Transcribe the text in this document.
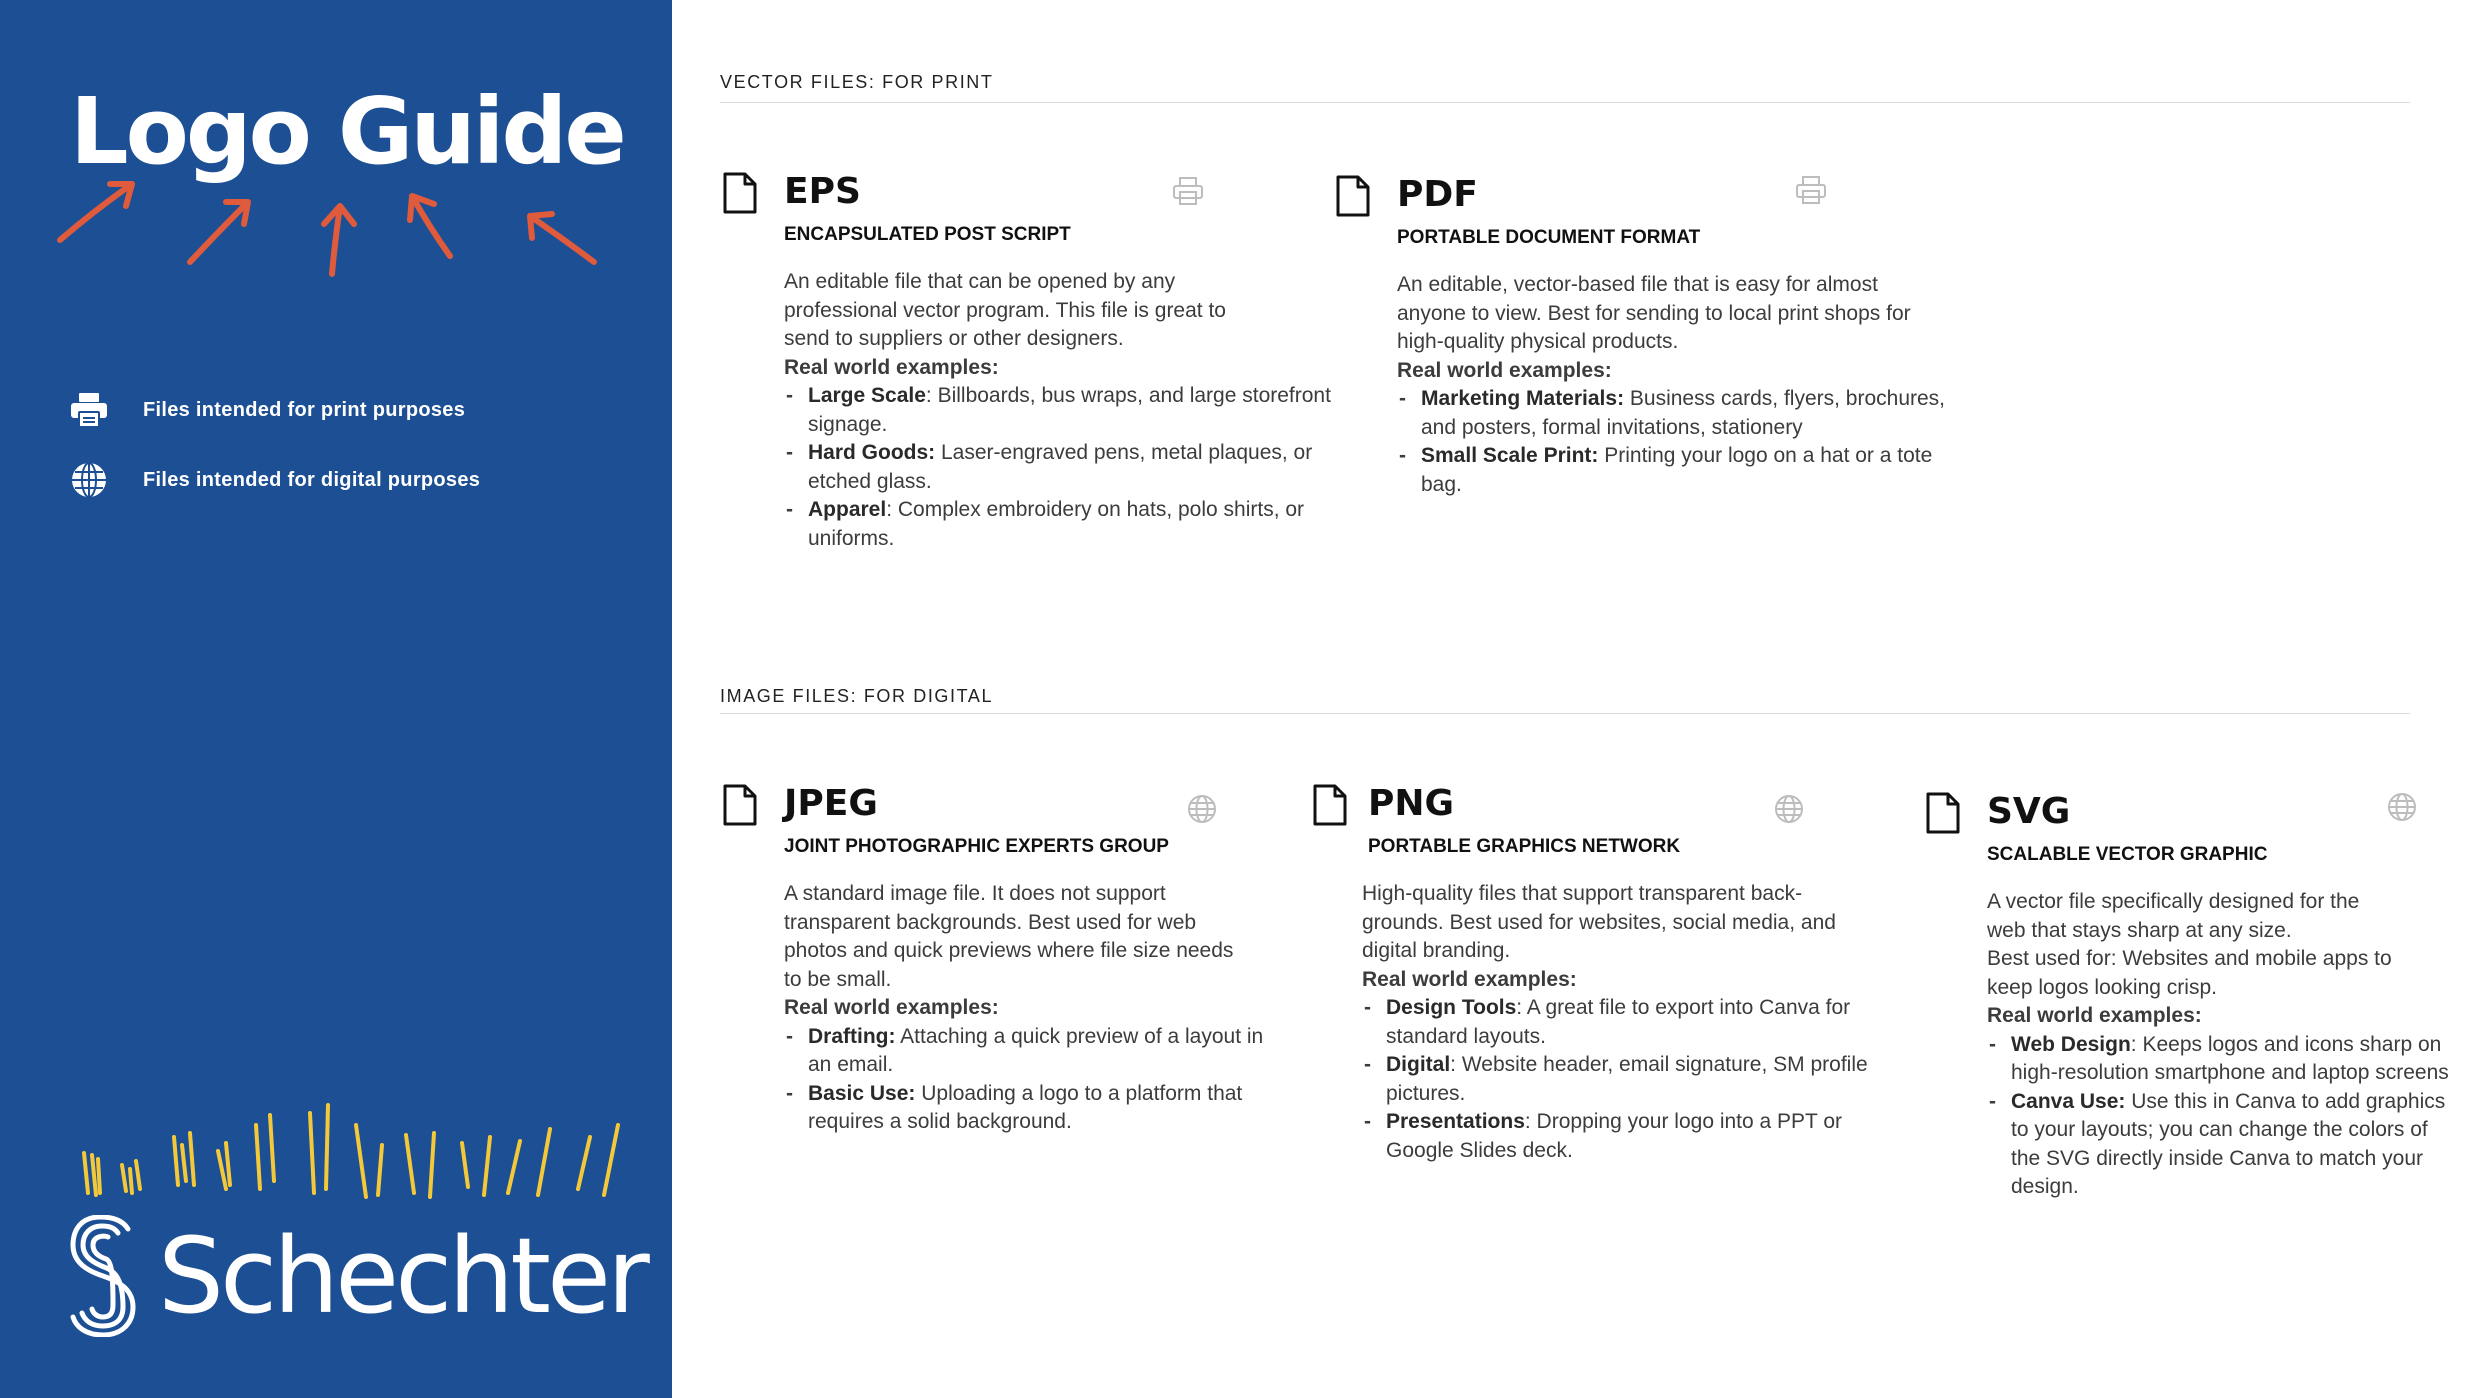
Logo Guide
Files intended for print purposes
Files intended for digital purposes
Schechter
VECTOR FILES: FOR PRINT
EPS
ENCAPSULATED POST SCRIPT
An editable file that can be opened by any
professional vector program. This file is great to
send to suppliers or other designers.
Real world examples:
- Large Scale: Billboards, bus wraps, and large storefront signage.
- Hard Goods: Laser-engraved pens, metal plaques, or etched glass.
- Apparel: Complex embroidery on hats, polo shirts, or uniforms.
PDF
PORTABLE DOCUMENT FORMAT
An editable, vector-based file that is easy for almost
anyone to view. Best for sending to local print shops for
high-quality physical products.
Real world examples:
- Marketing Materials: Business cards, flyers, brochures, and posters, formal invitations, stationery
- Small Scale Print: Printing your logo on a hat or a tote bag.
IMAGE FILES: FOR DIGITAL
JPEG
JOINT PHOTOGRAPHIC EXPERTS GROUP
A standard image file. It does not support
transparent backgrounds. Best used for web
photos and quick previews where file size needs
to be small.
Real world examples:
- Drafting: Attaching a quick preview of a layout in an email.
- Basic Use: Uploading a logo to a platform that requires a solid background.
PNG
PORTABLE GRAPHICS NETWORK
High-quality files that support transparent back-
grounds. Best used for websites, social media, and
digital branding.
Real world examples:
- Design Tools: A great file to export into Canva for standard layouts.
- Digital: Website header, email signature, SM profile pictures.
- Presentations: Dropping your logo into a PPT or Google Slides deck.
SVG
SCALABLE VECTOR GRAPHIC
A vector file specifically designed for the
web that stays sharp at any size.
Best used for: Websites and mobile apps to
keep logos looking crisp.
Real world examples:
- Web Design: Keeps logos and icons sharp on high-resolution smartphone and laptop screens
- Canva Use: Use this in Canva to add graphics to your layouts; you can change the colors of the SVG directly inside Canva to match your design.
